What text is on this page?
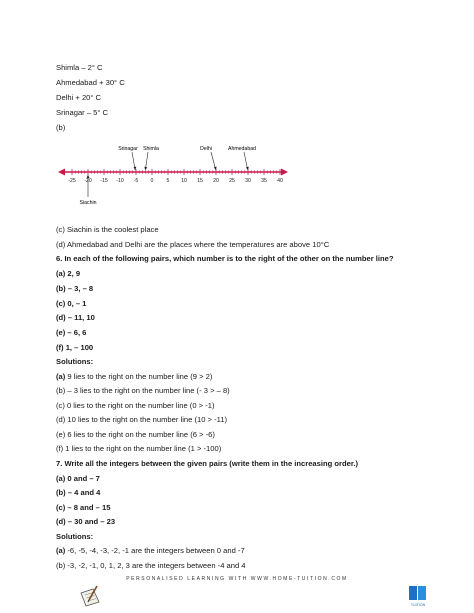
Shimla – 2° C
Ahmedabad + 30° C
Delhi + 20° C
Srinagar – 5° C
(b)
-25 -20 -15 -10 -5 0	5 10 15 20 25 30 35 40
Srinagar Shimla	Delhi	Ahmedabad
Siachin
(c) Siachin is the coolest place
(d) Ahmedabad and Delhi are the places where the temperatures are above 10°C
6. In each of the following pairs, which number is to the right of the other on the number line?
(a) 2, 9
(b) – 3, – 8
(c) 0, – 1
(d) – 11, 10
(e) – 6, 6
(f) 1, – 100
Solutions:
(a) 9 lies to the right on the number line (9 > 2)
(b) – 3 lies to the right on the number line (- 3 > – 8)
(c) 0 lies to the right on the number line (0 > -1)
(d) 10 lies to the right on the number line (10 > -11)
(e) 6 lies to the right on the number line (6 > -6)
(f) 1 lies to the right on the number line (1 > -100)
7. Write all the integers between the given pairs (write them in the increasing order.)
(a) 0 and – 7
(b) – 4 and 4
(c) – 8 and – 15
(d) – 30 and – 23
Solutions:
(a) -6, -5, -4, -3, -2, -1 are the integers between 0 and -7
(b) -3, -2, -1, 0, 1, 2, 3 are the integers between -4 and 4
PERSONALISED LEARNING WITH WWW.HOME-TUITION.COM
TUITION
